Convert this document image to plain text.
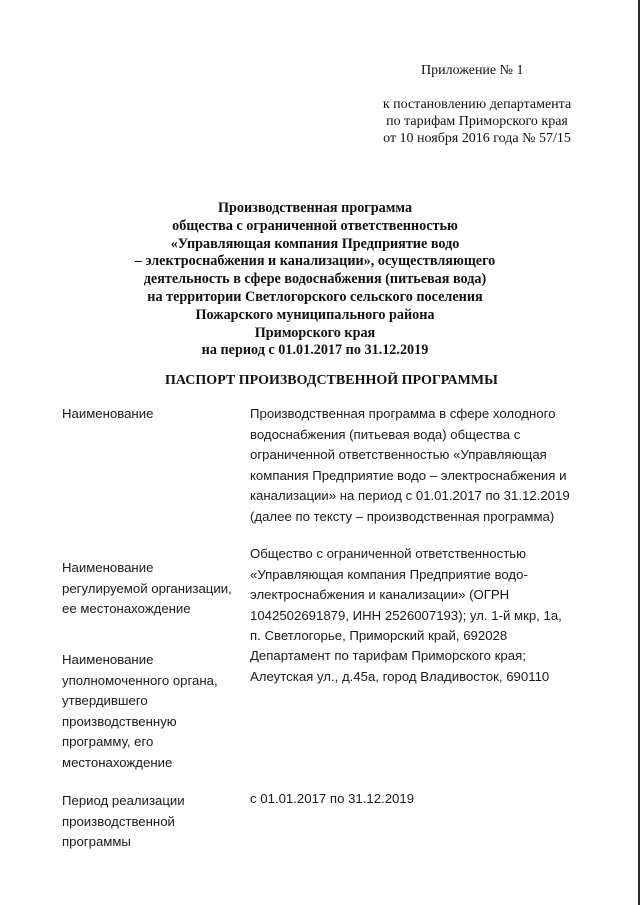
Приложение № 1
к постановлению департамента
по тарифам Приморского края
от 10 ноября 2016 года № 57/15
Производственная программа
общества с ограниченной ответственностью
«Управляющая компания Предприятие водо
– электроснабжения и канализации», осуществляющего
деятельность в сфере водоснабжения (питьевая вода)
на территории Светлогорского сельского поселения
Пожарского муниципального района
Приморского края
на период с 01.01.2017 по 31.12.2019
ПАСПОРТ ПРОИЗВОДСТВЕННОЙ ПРОГРАММЫ
Наименование	Производственная программа в сфере холодного
водоснабжения (питьевая вода) общества с
ограниченной ответственностью «Управляющая
компания Предприятие водо – электроснабжения и
канализации» на период с 01.01.2017 по 31.12.2019
(далее по тексту – производственная программа)
Наименование
регулируемой организации,
ее местонахождение
Общество с ограниченной ответственностью
«Управляющая компания Предприятие водо-
электроснабжения и канализации» (ОГРН
1042502691879, ИНН 2526007193); ул. 1-й мкр, 1а,
п. Светлогорье, Приморский край, 692028
Наименование
уполномоченного органа,
утвердившего
производственную
программу, его
местонахождение
Департамент по тарифам Приморского края;
Алеутская ул., д.45а, город Владивосток, 690110
Период реализации
производственной
программы
с 01.01.2017 по 31.12.2019
